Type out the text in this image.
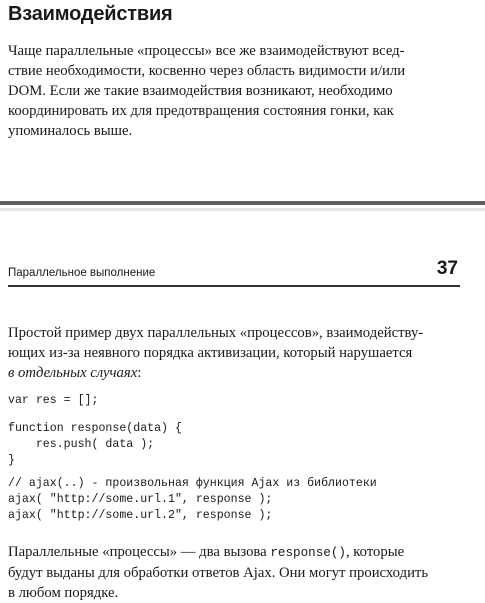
Взаимодействия

Чаще параллельные «процессы» все же взаимодействуют всед-
ствие необходимости, косвенно через область видимости и/или
DOM. Если же такие взаимодействия возникают, необходимо
координировать их для предотвращения состояния гонки, как
упоминалось выше.

Параллельное выполнение	37

Простой пример двух параллельных «процессов», взаимодейству-
ющих из-за неявного порядка активизации, который нарушается
в отдельных случаях:

var res = [];
function response(data) {
res.push( data );
}
// ajax(..) - произвольная функция Ajax из библиотеки
ajax( "http://some.url.1", response );
ajax( "http://some.url.2", response );

Параллельные «процессы» — два вызова response(), которые
будут выданы для обработки ответов Ajax. Они могут происходить
в любом порядке.
